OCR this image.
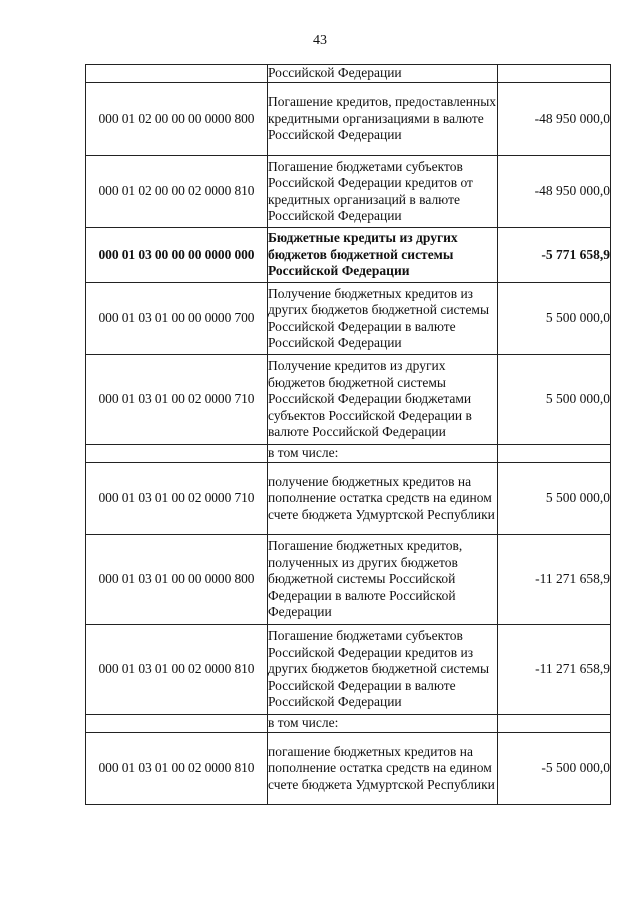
43
	Российской Федерации	
000 01 02 00 00 00 0000 800	Погашение кредитов, предоставленных кредитными организациями в валюте Российской Федерации	-48 950 000,0
000 01 02 00 00 02 0000 810	Погашение бюджетами субъектов Российской Федерации кредитов от кредитных организаций в валюте Российской Федерации	-48 950 000,0
000 01 03 00 00 00 0000 000	Бюджетные кредиты из других бюджетов бюджетной системы Российской Федерации	-5 771 658,9
000 01 03 01 00 00 0000 700	Получение бюджетных кредитов из других бюджетов бюджетной системы Российской Федерации в валюте Российской Федерации	5 500 000,0
000 01 03 01 00 02 0000 710	Получение кредитов из других бюджетов бюджетной системы Российской Федерации бюджетами субъектов Российской Федерации в валюте Российской Федерации	5 500 000,0
	в том числе:	
000 01 03 01 00 02 0000 710	получение бюджетных кредитов на пополнение остатка средств на едином счете бюджета Удмуртской Республики	5 500 000,0
000 01 03 01 00 00 0000 800	Погашение бюджетных кредитов, полученных из других бюджетов бюджетной системы Российской Федерации в валюте Российской Федерации	-11 271 658,9
000 01 03 01 00 02 0000 810	Погашение бюджетами субъектов Российской Федерации кредитов из других бюджетов бюджетной системы Российской Федерации в валюте Российской Федерации	-11 271 658,9
	в том числе:	
000 01 03 01 00 02 0000 810	погашение бюджетных кредитов на пополнение остатка средств на едином счете бюджета Удмуртской Республики	-5 500 000,0
